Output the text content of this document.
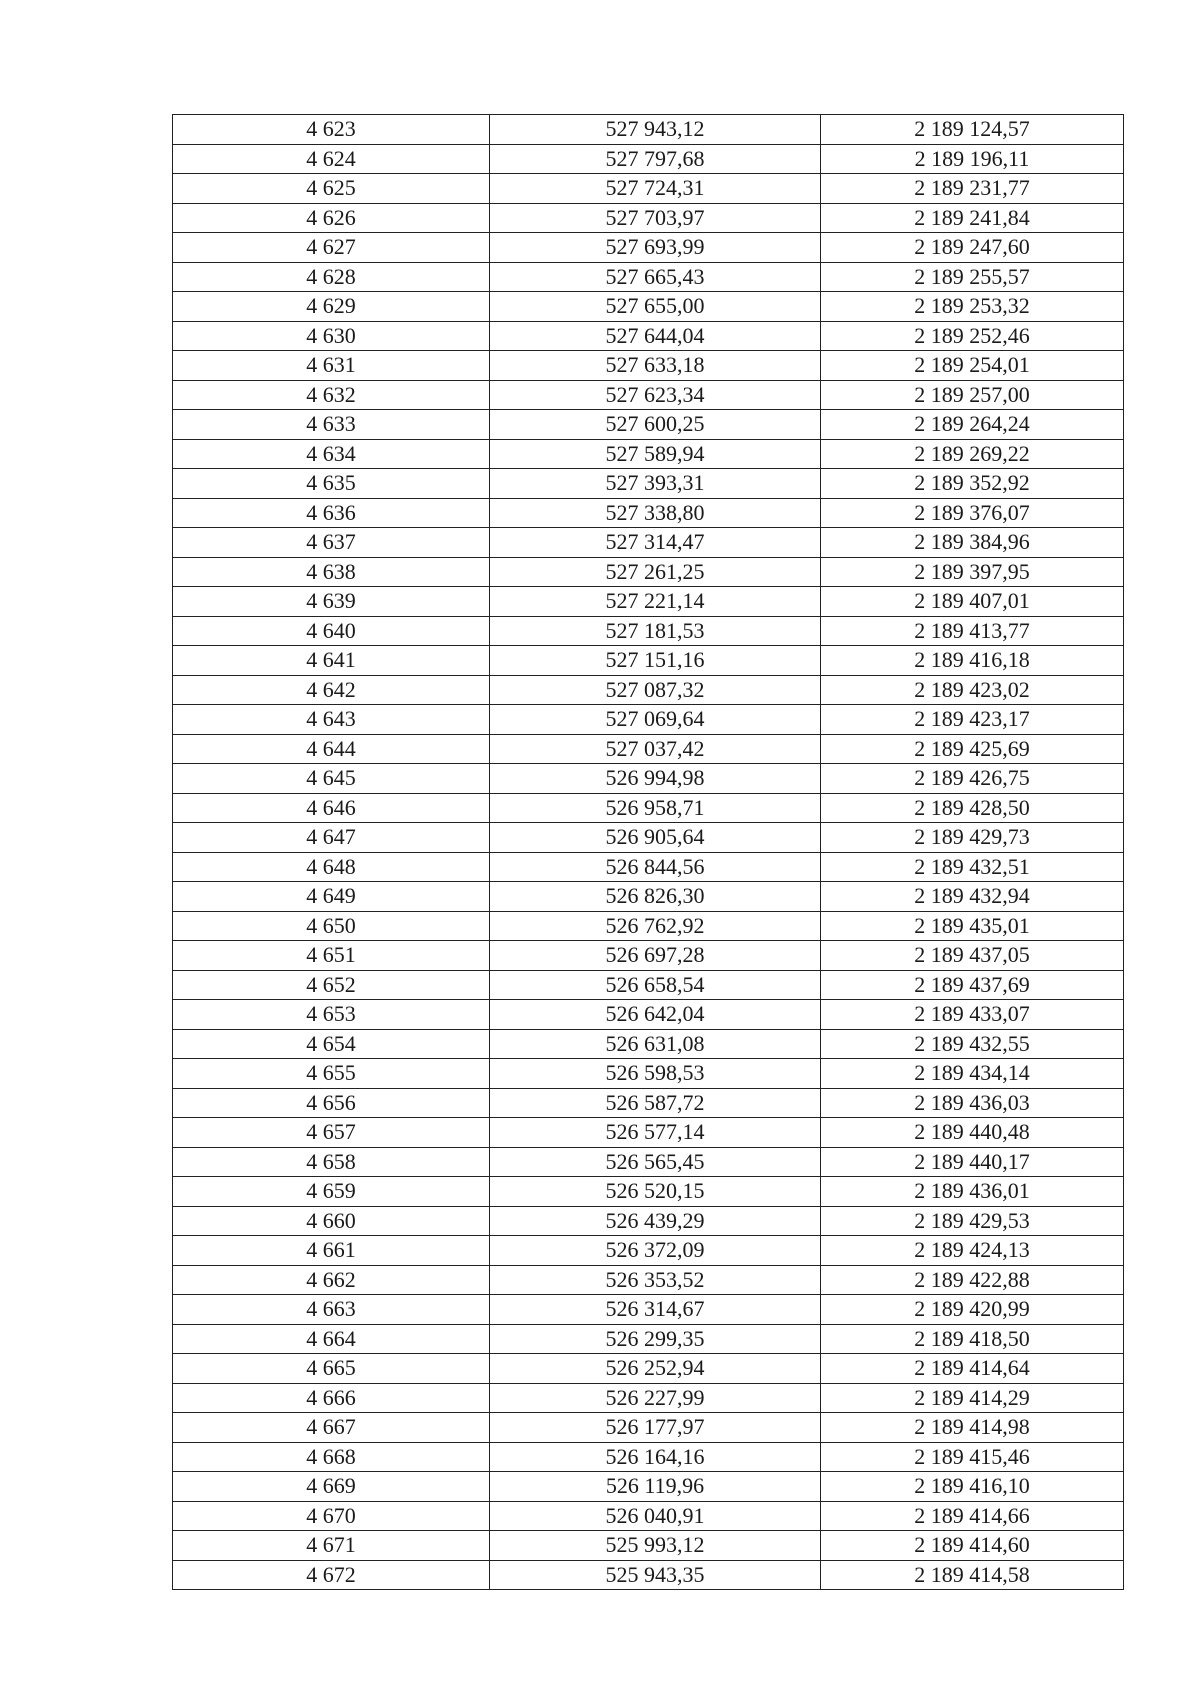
4 623	527 943,12	2 189 124,57
4 624	527 797,68	2 189 196,11
4 625	527 724,31	2 189 231,77
4 626	527 703,97	2 189 241,84
4 627	527 693,99	2 189 247,60
4 628	527 665,43	2 189 255,57
4 629	527 655,00	2 189 253,32
4 630	527 644,04	2 189 252,46
4 631	527 633,18	2 189 254,01
4 632	527 623,34	2 189 257,00
4 633	527 600,25	2 189 264,24
4 634	527 589,94	2 189 269,22
4 635	527 393,31	2 189 352,92
4 636	527 338,80	2 189 376,07
4 637	527 314,47	2 189 384,96
4 638	527 261,25	2 189 397,95
4 639	527 221,14	2 189 407,01
4 640	527 181,53	2 189 413,77
4 641	527 151,16	2 189 416,18
4 642	527 087,32	2 189 423,02
4 643	527 069,64	2 189 423,17
4 644	527 037,42	2 189 425,69
4 645	526 994,98	2 189 426,75
4 646	526 958,71	2 189 428,50
4 647	526 905,64	2 189 429,73
4 648	526 844,56	2 189 432,51
4 649	526 826,30	2 189 432,94
4 650	526 762,92	2 189 435,01
4 651	526 697,28	2 189 437,05
4 652	526 658,54	2 189 437,69
4 653	526 642,04	2 189 433,07
4 654	526 631,08	2 189 432,55
4 655	526 598,53	2 189 434,14
4 656	526 587,72	2 189 436,03
4 657	526 577,14	2 189 440,48
4 658	526 565,45	2 189 440,17
4 659	526 520,15	2 189 436,01
4 660	526 439,29	2 189 429,53
4 661	526 372,09	2 189 424,13
4 662	526 353,52	2 189 422,88
4 663	526 314,67	2 189 420,99
4 664	526 299,35	2 189 418,50
4 665	526 252,94	2 189 414,64
4 666	526 227,99	2 189 414,29
4 667	526 177,97	2 189 414,98
4 668	526 164,16	2 189 415,46
4 669	526 119,96	2 189 416,10
4 670	526 040,91	2 189 414,66
4 671	525 993,12	2 189 414,60
4 672	525 943,35	2 189 414,58
